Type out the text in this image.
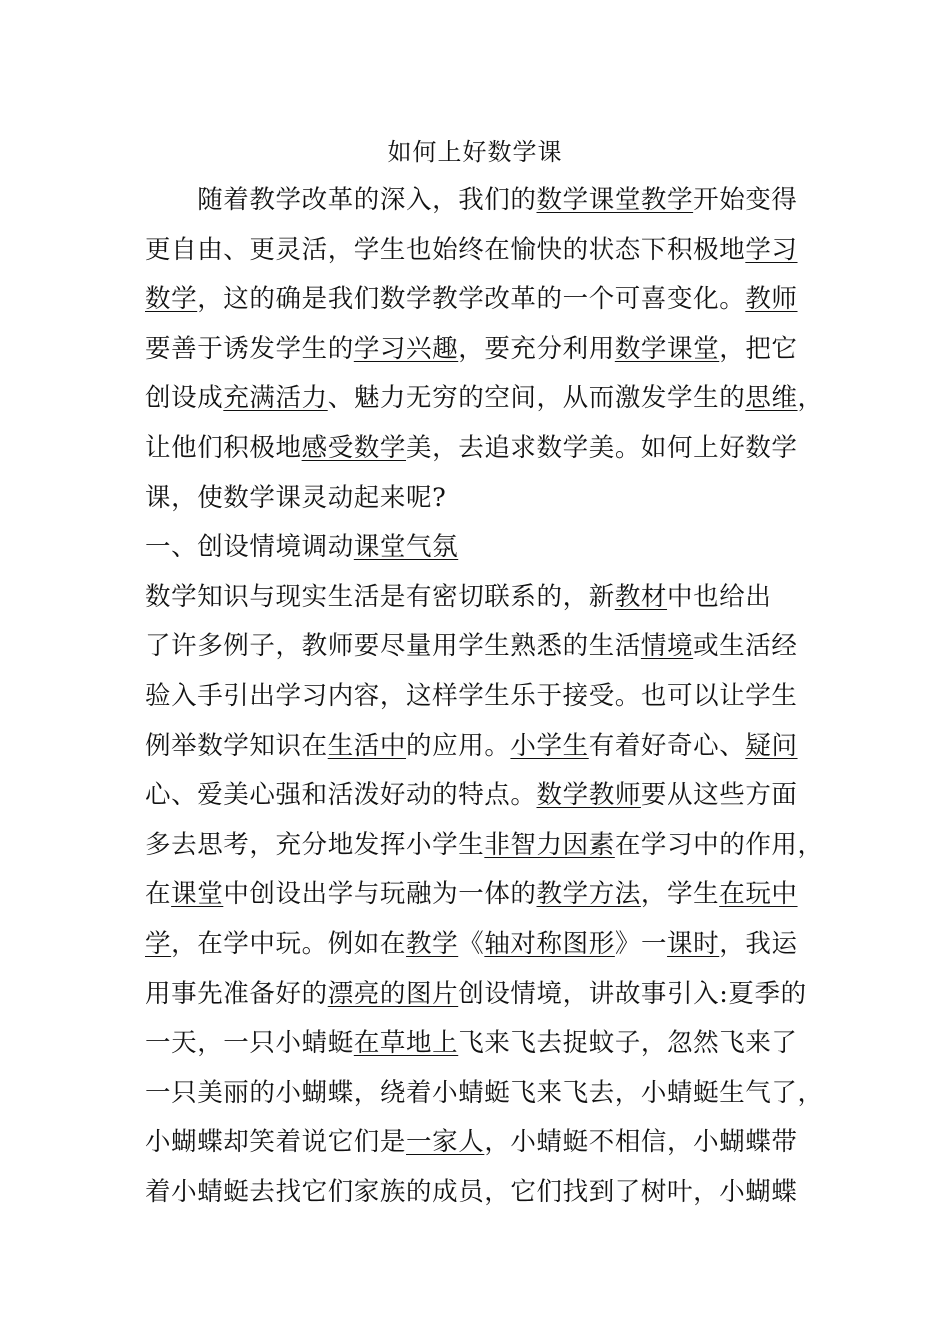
如何上好数学课
　　随着教学改革的深入，我们的数学课堂教学开始变得
更自由、更灵活，学生也始终在愉快的状态下积极地学习
数学，这的确是我们数学教学改革的一个可喜变化。教师
要善于诱发学生的学习兴趣，要充分利用数学课堂，把它
创设成充满活力、魅力无穷的空间，从而激发学生的思维，
让他们积极地感受数学美，去追求数学美。如何上好数学
课，使数学课灵动起来呢?
一、创设情境调动课堂气氛
数学知识与现实生活是有密切联系的，新教材中也给出
了许多例子，教师要尽量用学生熟悉的生活情境或生活经
验入手引出学习内容，这样学生乐于接受。也可以让学生
例举数学知识在生活中的应用。小学生有着好奇心、疑问
心、爱美心强和活泼好动的特点。数学教师要从这些方面
多去思考，充分地发挥小学生非智力因素在学习中的作用，
在课堂中创设出学与玩融为一体的教学方法，学生在玩中
学，在学中玩。例如在教学《轴对称图形》一课时，我运
用事先准备好的漂亮的图片创设情境，讲故事引入:夏季的
一天，一只小蜻蜓在草地上飞来飞去捉蚊子，忽然飞来了
一只美丽的小蝴蝶，绕着小蜻蜓飞来飞去，小蜻蜓生气了，
小蝴蝶却笑着说它们是一家人，小蜻蜓不相信，小蝴蝶带
着小蜻蜓去找它们家族的成员，它们找到了树叶，小蝴蝶
